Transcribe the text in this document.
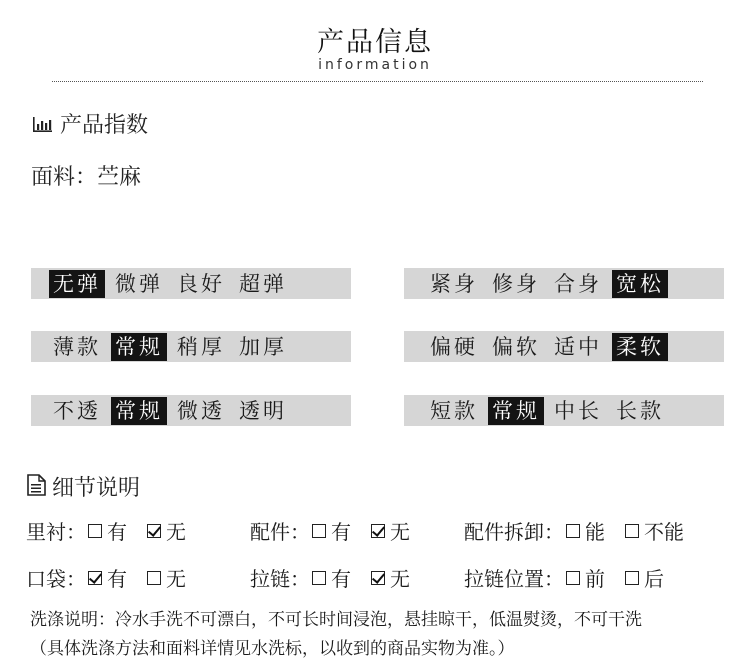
产品信息
information
产品指数
面料：苎麻
无弹 微弹 良好 超弹	紧身 修身 合身 宽松
薄款 常规 稍厚 加厚	偏硬 偏软 适中 柔软
不透 常规 微透 透明	短款 常规 中长 长款
细节说明
里衬： 有 无	配件： 有 无	配件拆卸： 能 不能
口袋： 有 无	拉链： 有 无	拉链位置： 前 后
洗涤说明：冷水手洗不可漂白，不可长时间浸泡，悬挂晾干，低温熨烫，不可干洗
（具体洗涤方法和面料详情见水洗标，以收到的商品实物为准。）
